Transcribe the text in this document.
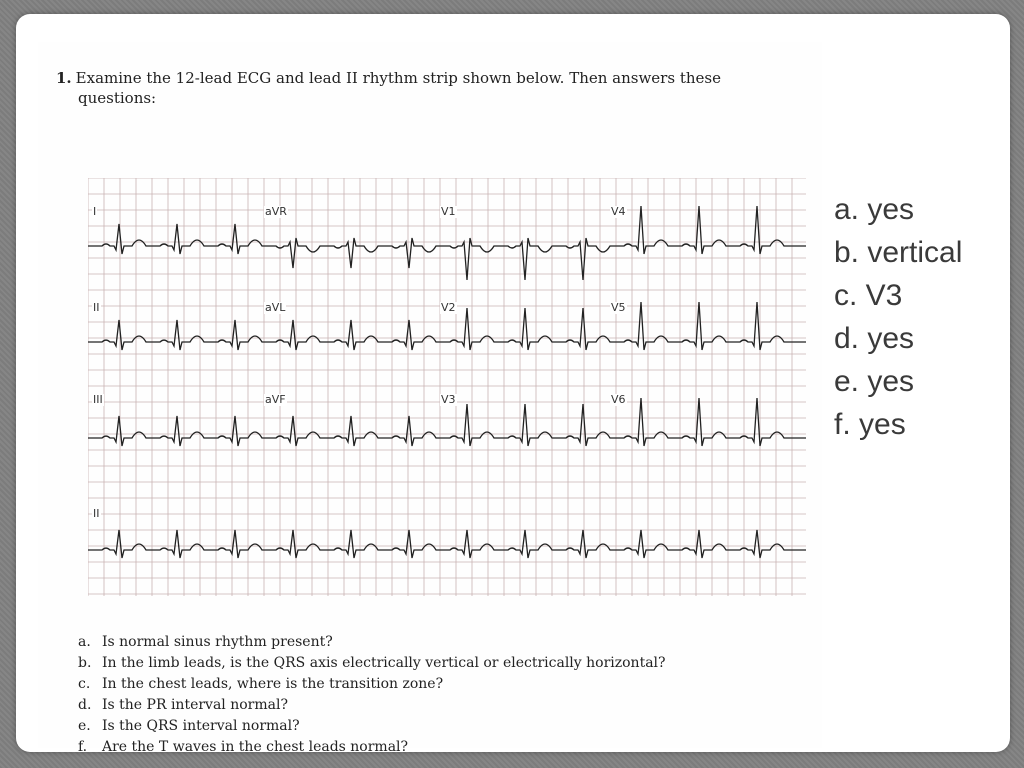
1. Examine the 12-lead ECG and lead II rhythm strip shown below. Then answers these
questions:
I	aVR	V1	V4
II	aVL	V2	V5
III	aVF	V3	V6
II
a. Is normal sinus rhythm present?
b. In the limb leads, is the QRS axis electrically vertical or electrically horizontal?
c. In the chest leads, where is the transition zone?
d. Is the PR interval normal?
e. Is the QRS interval normal?
f. Are the T waves in the chest leads normal?
a. yes
b. vertical
c. V3
d. yes
e. yes
f. yes
